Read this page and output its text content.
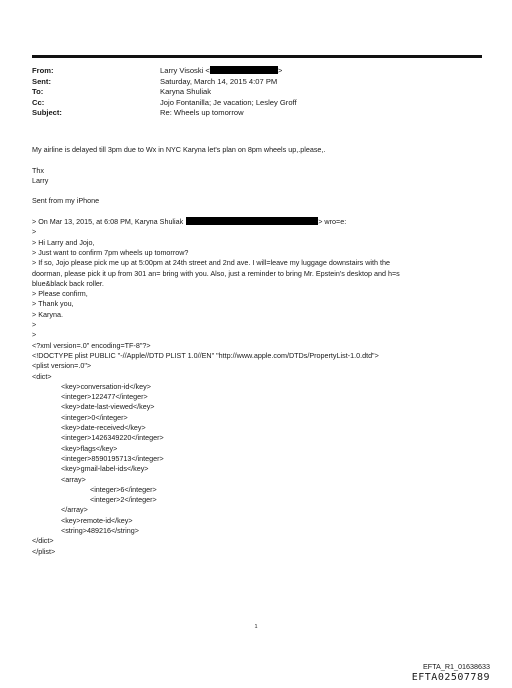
From:	Larry Visoski <	>
Sent:	Saturday, March 14, 2015 4:07 PM
To:	Karyna Shuliak
Cc:	Jojo Fontanilla; Je vacation; Lesley Groff
Subject:	Re: Wheels up tomorrow

My airline is delayed till 3pm due to Wx in NYC Karyna let's plan on 8pm wheels up,.please,.

Thx

Larry

Sent from my iPhone

> On Mar 13, 2015, at 6:08 PM, Karyna Shuliak	> wro=e:

>

> Hi Larry and Jojo,

> Just want to confirm 7pm wheels up tomorrow?

> If so, Jojo please pick me up at 5:00pm at 24th street and 2nd ave. I will=leave my luggage downstairs with the

doorman, please pick it up from 301 an= bring with you. Also, just a reminder to bring Mr. Epstein's desktop and h=s

blue&black back roller.

> Please confirm,

> Thank you,

> Karyna.

>

>

<?xml version=.0" encoding=TF-8"?>

<!DOCTYPE plist PUBLIC "-//Apple//DTD PLIST 1.0//EN" "http://www.apple.com/DTDs/PropertyList-1.0.dtd">

<plist version=.0">

<dict>

<key>conversation-id</key>

<integer>122477</integer>

<key>date-last-viewed</key>

<integer>0</integer>

<key>date-received</key>

<integer>1426349220</integer>

<key>flags</key>

<integer>8590195713</integer>

<key>gmail-label-ids</key>

<array>

<integer>6</integer>

<integer>2</integer>

</array>

<key>remote-id</key>

<string>489216</string>

</dict>

</plist>

1
EFTA_R1_01638633
EFTA02507789
